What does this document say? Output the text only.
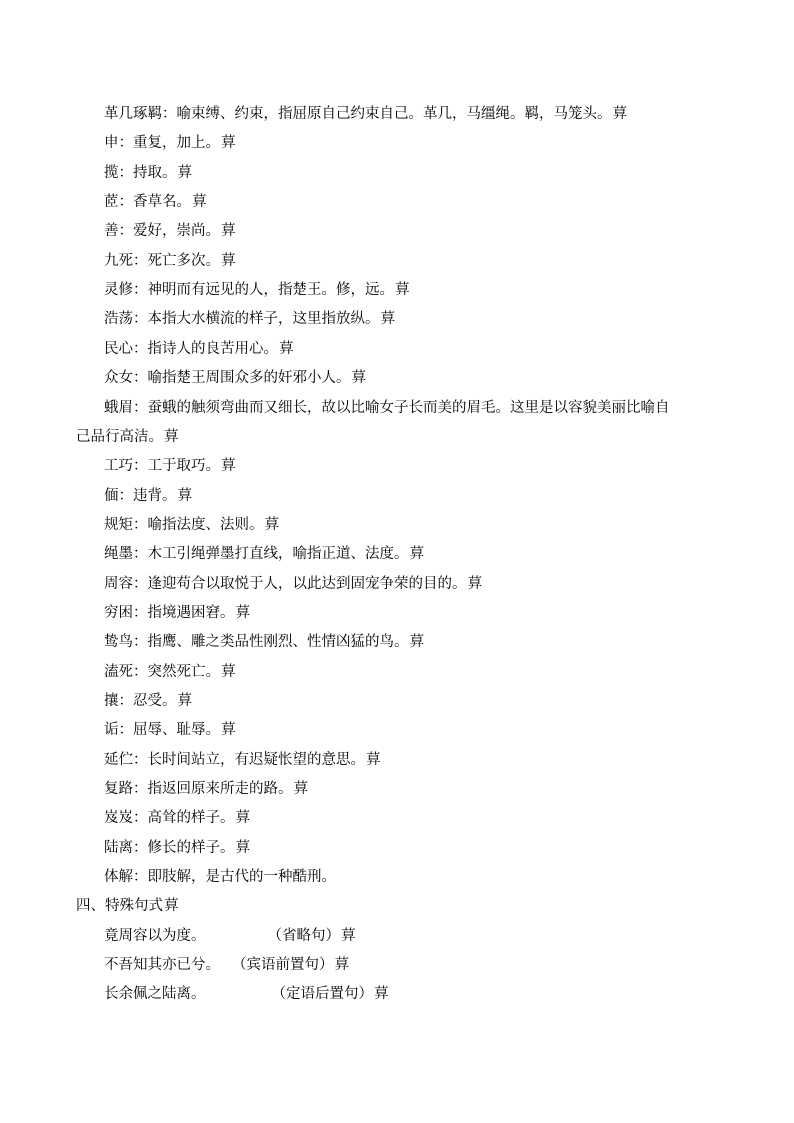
革几琢羁：喻束缚、约束，指屈原自己约束自己。革几，马缰绳。羁，马笼头。萛
申：重复，加上。萛
揽：持取。萛
茝：香草名。萛
善：爱好，崇尚。萛
九死：死亡多次。萛
灵修：神明而有远见的人，指楚王。修，远。萛
浩荡：本指大水横流的样子，这里指放纵。萛
民心：指诗人的良苦用心。萛
众女：喻指楚王周围众多的奸邪小人。萛
蛾眉：蚕蛾的触须弯曲而又细长，故以比喻女子长而美的眉毛。这里是以容貌美丽比喻自
己品行高洁。萛
工巧：工于取巧。萛
偭：违背。萛
规矩：喻指法度、法则。萛
绳墨：木工引绳弹墨打直线，喻指正道、法度。萛
周容：逢迎苟合以取悦于人，以此达到固宠争荣的目的。萛
穷困：指境遇困窘。萛
鸷鸟：指鹰、雕之类品性刚烈、性情凶猛的鸟。萛
溘死：突然死亡。萛
攘：忍受。萛
诟：屈辱、耻辱。萛
延伫：长时间站立，有迟疑怅望的意思。萛
复路：指返回原来所走的路。萛
岌岌：高耸的样子。萛
陆离：修长的样子。萛
体解：即肢解，是古代的一种酷刑。
四、特殊句式萛
竟周容以为度。	（省略句）萛
不吾知其亦已兮。 （宾语前置句）萛
长余佩之陆离。	（定语后置句）萛
